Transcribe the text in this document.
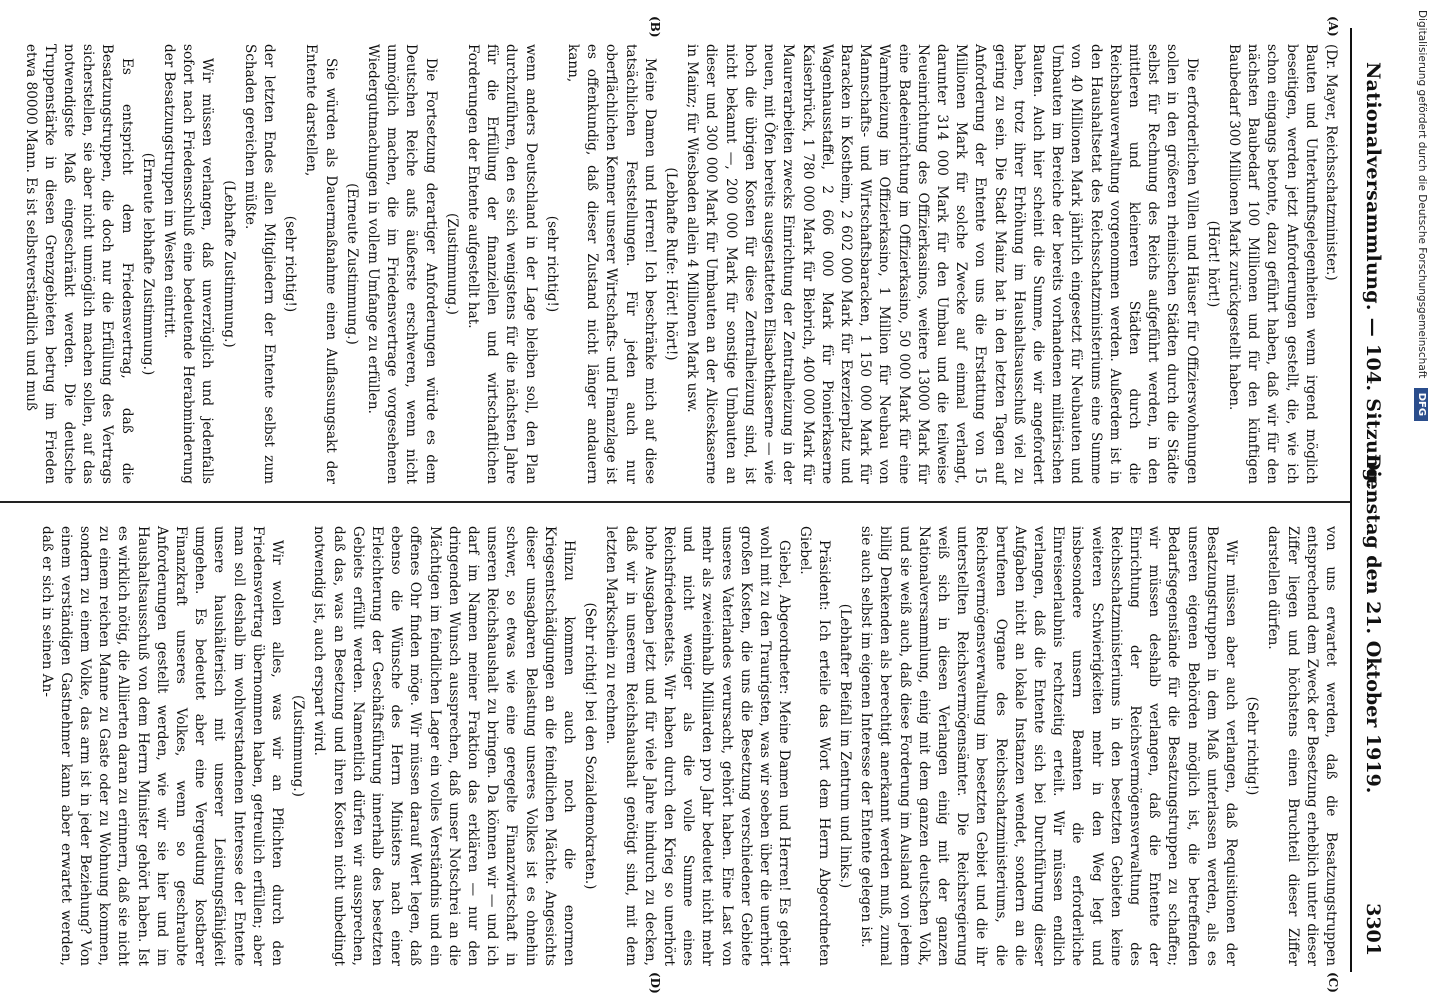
Nationalversammlung. — 104. Sitzung.
Dienstag den 21. Oktober 1919.
3301
(A)
(B)
(C)
(D)

(Dr. Mayer, Reichsschatzminister.)

Bauten und Unterkunftsgelegenheiten wenn irgend möglich beseitigen, werden jetzt Anforderungen gestellt, die, wie ich schon eingangs betonte, dazu geführt haben, daß wir für den nächsten Baubedarf 100 Millionen und für den künftigen Baubedarf 300 Millionen Mark zurückgestellt haben.

(Hört! hört!)

Die erforderlichen Villen und Häuser für Offizierswohnungen sollen in den größeren rheinischen Städten durch die Städte selbst für Rechnung des Reichs aufgeführt werden, in den mittleren und kleineren Städten durch die Reichsbauverwaltung vorgenommen werden. Außerdem ist in den Haushaltsetat des Reichsschatzministeriums eine Summe von 40 Millionen Mark jährlich eingesetzt für Neubauten und Umbauten im Bereiche der bereits vorhandenen militärischen Bauten. Auch hier scheint die Summe, die wir angefordert haben, trotz ihrer Erhöhung im Haushaltsausschuß viel zu gering zu sein. Die Stadt Mainz hat in den letzten Tagen auf Anforderung der Entente von uns die Erstattung von 15 Millionen Mark für solche Zwecke auf einmal verlangt, darunter 314 000 Mark für den Umbau und die teilweise Neueinrichtung des Offizierkasinos, weitere 13000 Mark für eine Badeeinrichtung im Offizierkasino, 50 000 Mark für eine Warmheizung im Offizierkasino, 1 Million für Neubau von Mannschafts- und Wirtschaftsbaracken, 1 150 000 Mark für Baracken in Kostheim, 2 602 000 Mark für Exerzierplatz und Wagenhausstaffel, 2 606 000 Mark für Pionierkaserne Kaiserbrück, 1 780 000 Mark für Biebrich, 400 000 Mark für Maurerarbeiten zwecks Einrichtung der Zentralheizung in der neuen, mit Öfen bereits ausgestatteten Elisabethkaserne — wie hoch die übrigen Kosten für diese Zentralheizung sind, ist nicht bekannt —, 200 000 Mark für sonstige Umbauten an dieser und 300 000 Mark für Umbauten an der Aliceskaserne in Mainz; für Wiesbaden allein 4 Millionen Mark usw.

(Lebhafte Rufe: Hört! hört!)

Meine Damen und Herren! Ich beschränke mich auf diese tatsächlichen Feststellungen. Für jeden auch nur oberflächlichen Kenner unserer Wirtschafts- und Finanzlage ist es offenkundig, daß dieser Zustand nicht länger andauern kann,

(sehr richtig!)

wenn anders Deutschland in der Lage bleiben soll, den Plan durchzuführen, den es sich wenigstens für die nächsten Jahre für die Erfüllung der finanziellen und wirtschaftlichen Forderungen der Entente aufgestellt hat.

(Zustimmung.)

Die Fortsetzung derartiger Anforderungen würde es dem Deutschen Reiche aufs äußerste erschweren, wenn nicht unmöglich machen, die im Friedensvertrage vorgesehenen Wiedergutmachungen in vollem Umfange zu erfüllen.

(Erneute Zustimmung.)

Sie würden als Dauermaßnahme einen Auflassungsakt der Entente darstellen,

(sehr richtig!)

der letzten Endes allen Mitgliedern der Entente selbst zum Schaden gereichen müßte.

(Lebhafte Zustimmung.)

Wir müssen verlangen, daß unverzüglich und jedenfalls sofort nach Friedensschluß eine bedeutende Herabminderung der Besatzungstruppen im Westen eintritt.

(Erneute lebhafte Zustimmung.)

Es entspricht dem Friedensvertrag, daß die Besatzungstruppen, die doch nur die Erfüllung des Vertrags sicherstellen, sie aber nicht unmöglich machen sollen, auf das notwendigste Maß eingeschränkt werden. Die deutsche Truppenstärke in diesen Grenzgebieten betrug im Frieden etwa 80000 Mann. Es ist selbstverständlich und muß

von uns erwartet werden, daß die Besatzungstruppen entsprechend dem Zweck der Besetzung erheblich unter dieser Ziffer liegen und höchstens einen Bruchteil dieser Ziffer darstellen dürfen.

(Sehr richtig!)

Wir müssen aber auch verlangen, daß Requisitionen der Besatzungstruppen in dem Maß unterlassen werden, als es unseren eigenen Behörden möglich ist, die betreffenden Bedarfsgegenstände für die Besatzungstruppen zu schaffen; wir müssen deshalb verlangen, daß die Entente der Einrichtung der Reichsvermögensverwaltung des Reichsschatzministeriums in den besetzten Gebieten keine weiteren Schwierigkeiten mehr in den Weg legt und insbesondere unsern Beamten die erforderliche Einreiseerlaubnis rechtzeitig erteilt. Wir müssen endlich verlangen, daß die Entente sich bei Durchführung dieser Aufgaben nicht an lokale Instanzen wendet, sondern an die berufenen Organe des Reichsschatzministeriums, die Reichsvermögensverwaltung im besetzten Gebiet und die ihr unterstellten Reichsvermögensämter. Die Reichsregierung weiß sich in diesen Verlangen einig mit der ganzen Nationalversammlung, einig mit dem ganzen deutschen Volk, und sie weiß auch, daß diese Forderung im Ausland von jedem billig Denkenden als berechtigt anerkannt werden muß, zumal sie auch selbst im eigenen Interesse der Entente gelegen ist.

(Lebhafter Beifall im Zentrum und links.)

Präsident: Ich erteile das Wort dem Herrn Abgeordneten Giebel.

Giebel, Abgeordneter: Meine Damen und Herren! Es gehört wohl mit zu den Traurigsten, was wir soeben über die unerhört großen Kosten, die uns die Besetzung verschiedener Gebiete unseres Vaterlandes verursacht, gehört haben. Eine Last von mehr als zweieinhalb Milliarden pro Jahr bedeutet nicht mehr und nicht weniger als die volle Summe eines Reichsfriedensetats. Wir haben durch den Krieg so unerhört hohe Ausgaben jetzt und für viele Jahre hindurch zu decken, daß wir in unserem Reichshaushalt genötigt sind, mit dem letzten Markschein zu rechnen.

(Sehr richtig! bei den Sozialdemokraten.)

Hinzu kommen auch noch die enormen Kriegsentschädigungen an die feindlichen Mächte. Angesichts dieser unsagbaren Belastung unseres Volkes ist es ohnehin schwer, so etwas wie eine geregelte Finanzwirtschaft in unseren Reichshaushalt zu bringen. Da können wir — und ich darf im Namen meiner Fraktion das erklären — nur den dringenden Wunsch aussprechen, daß unser Notschrei an die Mächtigen im feindlichen Lager ein volles Verständnis und ein offenes Ohr finden möge. Wir müssen darauf Wert legen, daß ebenso die Wünsche des Herrn Ministers nach einer Erleichterung der Geschäftsführung innerhalb des besetzten Gebiets erfüllt werden. Namentlich dürfen wir aussprechen, daß das, was an Besetzung und ihren Kosten nicht unbedingt notwendig ist, auch erspart wird.

(Zustimmung.)

Wir wollen alles, was wir an Pflichten durch den Friedensvertrag übernommen haben, getreulich erfüllen; aber man soll deshalb im wohlverstandenen Interesse der Entente unsere haushälterisch mit unserer Leistungsfähigkeit umgehen. Es bedeutet aber eine Vergeudung kostbarer Finanzkraft unseres Volkes, wenn so geschraubte Anforderungen gestellt werden, wie wir sie hier und im Haushaltsausschuß von dem Herrn Minister gehört haben. Ist es wirklich nötig, die Alliierten daran zu erinnern, daß sie nicht zu einem reichen Manne zu Gaste oder zu Wohnung kommen, sondern zu einem Volke, das arm ist in jeder Beziehung? Von einem verständigen Gastnehmer kann aber erwartet werden, daß er sich in seinen An-

Digitalisierung gefördert durch die Deutsche Forschungsgemeinschaft DFG
